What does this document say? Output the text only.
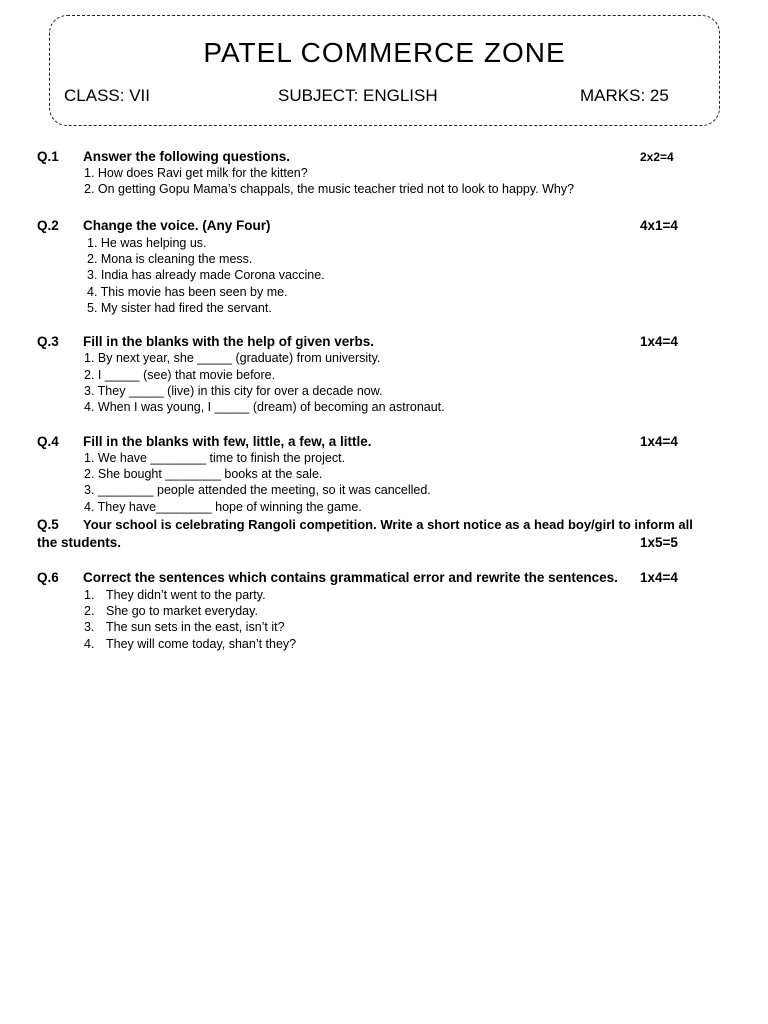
PATEL COMMERCE ZONE
CLASS: VII	SUBJECT: ENGLISH	MARKS: 25
Q.1 Answer the following questions.	2x2=4
1. How does Ravi get milk for the kitten?
2. On getting Gopu Mama’s chappals, the music teacher tried not to look to happy. Why?
Q.2 Change the voice. (Any Four)	4x1=4
1. He was helping us.
2. Mona is cleaning the mess.
3. India has already made Corona vaccine.
4. This movie has been seen by me.
5. My sister had fired the servant.
Q.3 Fill in the blanks with the help of given verbs.	1x4=4
1. By next year, she _____ (graduate) from university.
2. I _____ (see) that movie before.
3. They _____ (live) in this city for over a decade now.
4. When I was young, I _____ (dream) of becoming an astronaut.
Q.4 Fill in the blanks with few, little, a few, a little.	1x4=4
1. We have ________ time to finish the project.
2. She bought ________ books at the sale.
3. ________ people attended the meeting, so it was cancelled.
4. They have________ hope of winning the game.
Q.5 Your school is celebrating Rangoli competition. Write a short notice as a head boy/girl to inform all
the students.	1x5=5
Q.6 Correct the sentences which contains grammatical error and rewrite the sentences. 1x4=4
1. They didn’t went to the party.
2. She go to market everyday.
3. The sun sets in the east, isn’t it?
4. They will come today, shan’t they?
